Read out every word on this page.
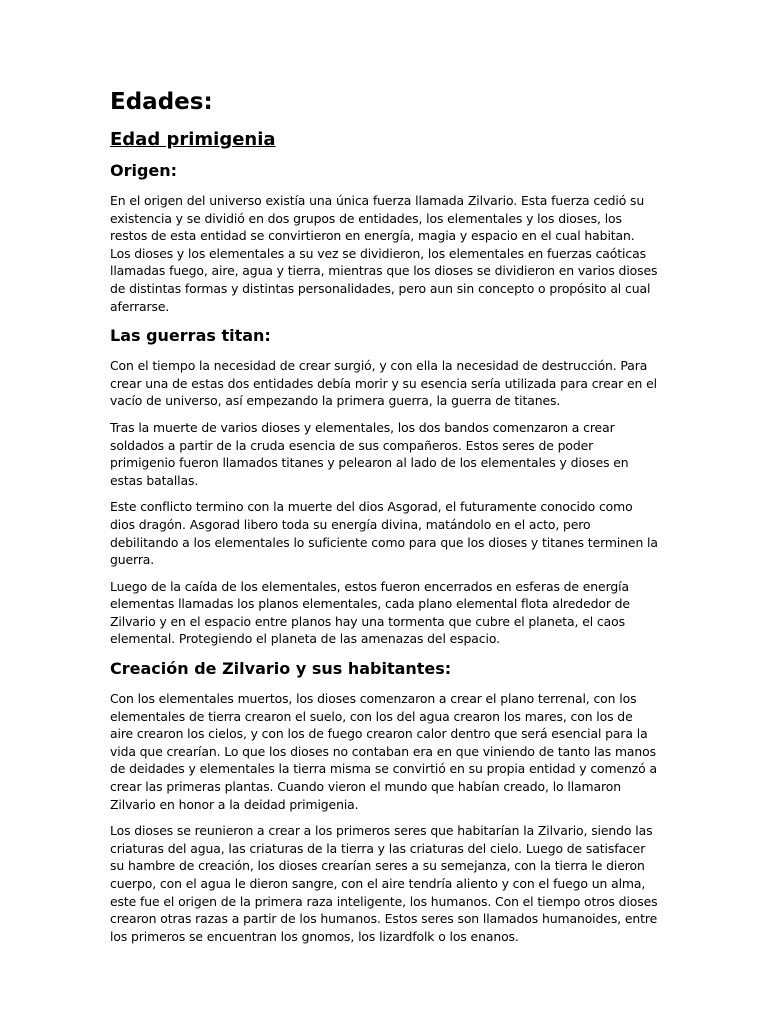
Edades:
Edad primigenia
Origen:

En el origen del universo existía una única fuerza llamada Zilvario. Esta fuerza cedió su existencia y se dividió en dos grupos de entidades, los elementales y los dioses, los restos de esta entidad se convirtieron en energía, magia y espacio en el cual habitan. Los dioses y los elementales a su vez se dividieron, los elementales en fuerzas caóticas llamadas fuego, aire, agua y tierra, mientras que los dioses se dividieron en varios dioses de distintas formas y distintas personalidades, pero aun sin concepto o propósito al cual aferrarse.

Las guerras titan:

Con el tiempo la necesidad de crear surgió, y con ella la necesidad de destrucción. Para crear una de estas dos entidades debía morir y su esencia sería utilizada para crear en el vacío de universo, así empezando la primera guerra, la guerra de titanes.

Tras la muerte de varios dioses y elementales, los dos bandos comenzaron a crear soldados a partir de la cruda esencia de sus compañeros. Estos seres de poder primigenio fueron llamados titanes y pelearon al lado de los elementales y dioses en estas batallas.

Este conflicto termino con la muerte del dios Asgorad, el futuramente conocido como dios dragón. Asgorad libero toda su energía divina, matándolo en el acto, pero debilitando a los elementales lo suficiente como para que los dioses y titanes terminen la guerra.

Luego de la caída de los elementales, estos fueron encerrados en esferas de energía elementas llamadas los planos elementales, cada plano elemental flota alrededor de Zilvario y en el espacio entre planos hay una tormenta que cubre el planeta, el caos elemental. Protegiendo el planeta de las amenazas del espacio.

Creación de Zilvario y sus habitantes:

Con los elementales muertos, los dioses comenzaron a crear el plano terrenal, con los elementales de tierra crearon el suelo, con los del agua crearon los mares, con los de aire crearon los cielos, y con los de fuego crearon calor dentro que será esencial para la vida que crearían. Lo que los dioses no contaban era en que viniendo de tanto las manos de deidades y elementales la tierra misma se convirtió en su propia entidad y comenzó a crear las primeras plantas. Cuando vieron el mundo que habían creado, lo llamaron Zilvario en honor a la deidad primigenia.

Los dioses se reunieron a crear a los primeros seres que habitarían la Zilvario, siendo las criaturas del agua, las criaturas de la tierra y las criaturas del cielo. Luego de satisfacer su hambre de creación, los dioses crearían seres a su semejanza, con la tierra le dieron cuerpo, con el agua le dieron sangre, con el aire tendría aliento y con el fuego un alma, este fue el origen de la primera raza inteligente, los humanos. Con el tiempo otros dioses crearon otras razas a partir de los humanos. Estos seres son llamados humanoides, entre los primeros se encuentran los gnomos, los lizardfolk o los enanos.
